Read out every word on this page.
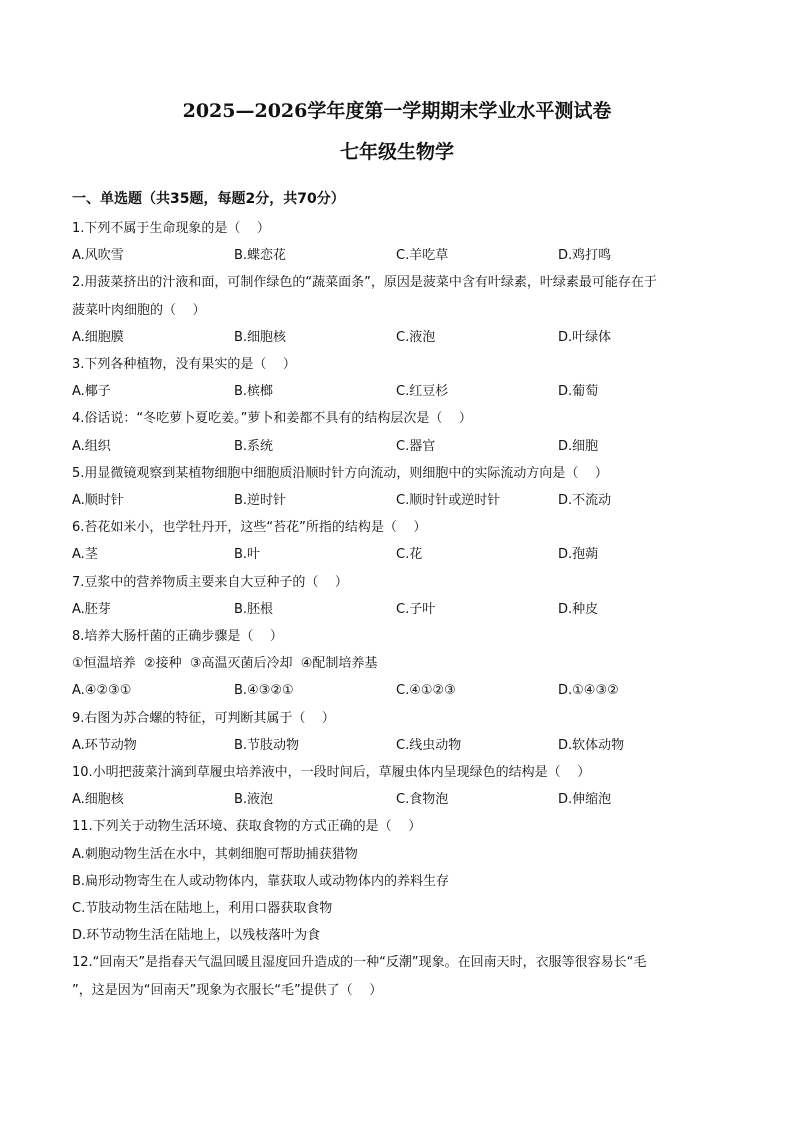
2025—2026学年度第一学期期末学业水平测试卷
七年级生物学
一、单选题（共35题，每题2分，共70分）

1.下列不属于生命现象的是（    ）

A.风吹雪	B.蝶恋花	C.羊吃草	D.鸡打鸣

2.用菠菜挤出的汁液和面，可制作绿色的“蔬菜面条”，原因是菠菜中含有叶绿素，叶绿素最可能存在于

菠菜叶肉细胞的（    ）

A.细胞膜	B.细胞核	C.液泡	D.叶绿体

3.下列各种植物，没有果实的是（    ）

A.椰子	B.槟榔	C.红豆杉	D.葡萄

4.俗话说：“冬吃萝卜夏吃姜。”萝卜和姜都不具有的结构层次是（    ）

A.组织	B.系统	C.器官	D.细胞

5.用显微镜观察到某植物细胞中细胞质沿顺时针方向流动，则细胞中的实际流动方向是（    ）

A.顺时针	B.逆时针	C.顺时针或逆时针	D.不流动

6.苔花如米小，也学牡丹开，这些“苔花”所指的结构是（    ）

A.茎	B.叶	C.花	D.孢蒴

7.豆浆中的营养物质主要来自大豆种子的（    ）

A.胚芽	B.胚根	C.子叶	D.种皮

8.培养大肠杆菌的正确步骤是（    ）

①恒温培养  ②接种  ③高温灭菌后冷却  ④配制培养基

A.④②③①	B.④③②①	C.④①②③	D.①④③②

9.右图为苏合螺的特征，可判断其属于（    ）

A.环节动物	B.节肢动物	C.线虫动物	D.软体动物

10.小明把菠菜汁滴到草履虫培养液中，一段时间后，草履虫体内呈现绿色的结构是（    ）

A.细胞核	B.液泡	C.食物泡	D.伸缩泡

11.下列关于动物生活环境、获取食物的方式正确的是（    ）

A.刺胞动物生活在水中，其刺细胞可帮助捕获猎物

B.扁形动物寄生在人或动物体内，靠获取人或动物体内的养料生存

C.节肢动物生活在陆地上，利用口器获取食物

D.环节动物生活在陆地上，以残枝落叶为食

12.“回南天”是指春天气温回暖且湿度回升造成的一种“反潮”现象。在回南天时，衣服等很容易长“毛

”，这是因为“回南天”现象为衣服长“毛”提供了（    ）
